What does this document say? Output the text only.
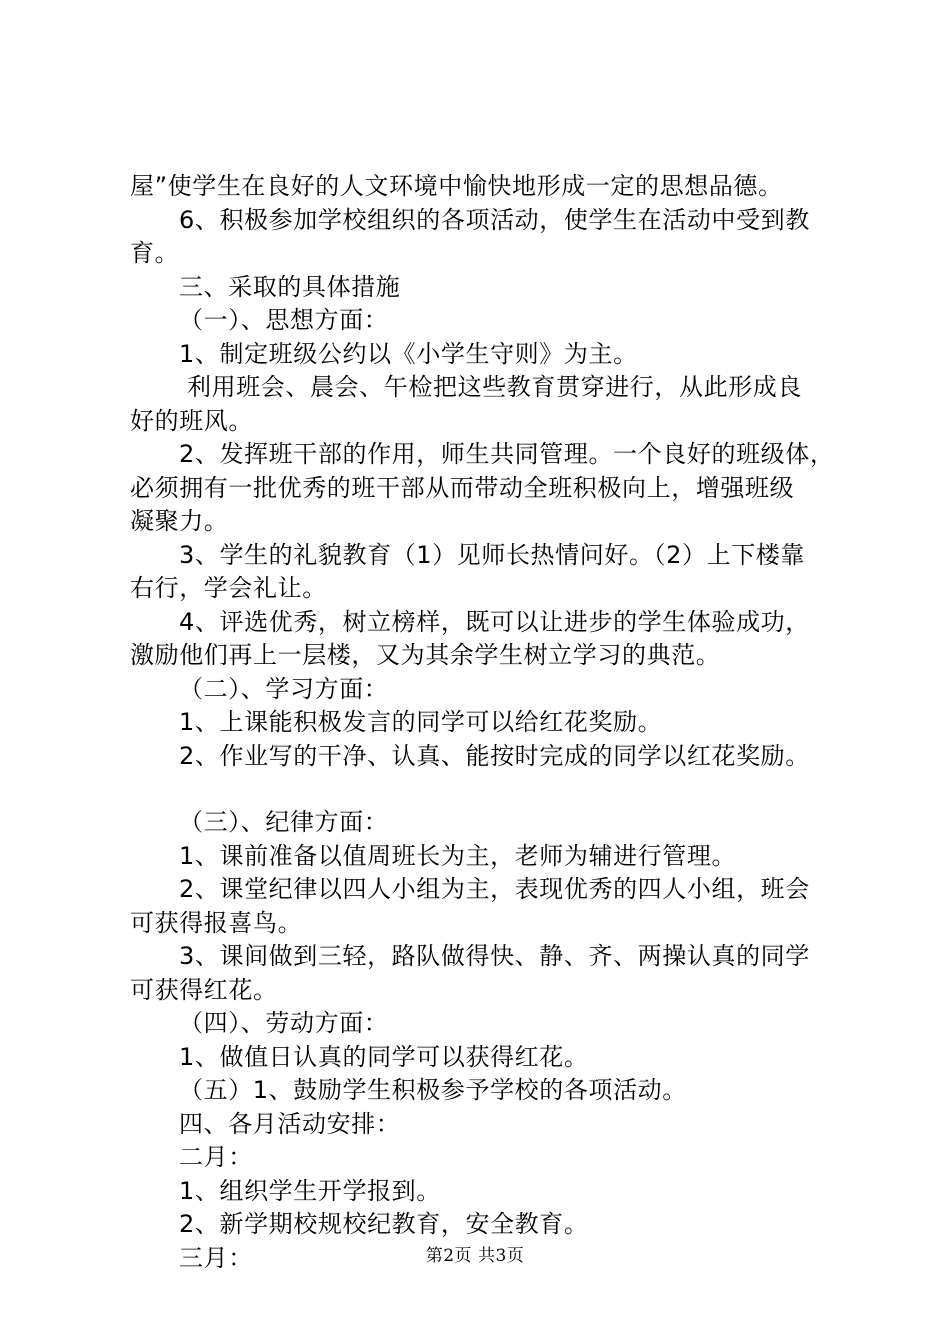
屋”使学生在良好的人文环境中愉快地形成一定的思想品德。

6、积极参加学校组织的各项活动，使学生在活动中受到教

育。

三、采取的具体措施

（一）、思想方面：

1、制定班级公约以《小学生守则》为主。

利用班会、晨会、午检把这些教育贯穿进行，从此形成良

好的班风。

2、发挥班干部的作用，师生共同管理。一个良好的班级体，

必须拥有一批优秀的班干部从而带动全班积极向上，增强班级

凝聚力。

3、学生的礼貌教育（1）见师长热情问好。（2）上下楼靠

右行，学会礼让。

4、评选优秀，树立榜样，既可以让进步的学生体验成功，

激励他们再上一层楼，又为其余学生树立学习的典范。

（二）、学习方面：

1、上课能积极发言的同学可以给红花奖励。

2、作业写的干净、认真、能按时完成的同学以红花奖励。

（三）、纪律方面：

1、课前准备以值周班长为主，老师为辅进行管理。

2、课堂纪律以四人小组为主，表现优秀的四人小组，班会

可获得报喜鸟。

3、课间做到三轻，路队做得快、静、齐、两操认真的同学

可获得红花。

（四）、劳动方面：

1、做值日认真的同学可以获得红花。

（五）1、鼓励学生积极参予学校的各项活动。

四、各月活动安排：

二月：

1、组织学生开学报到。

2、新学期校规校纪教育，安全教育。

三月：	第2页 共3页
